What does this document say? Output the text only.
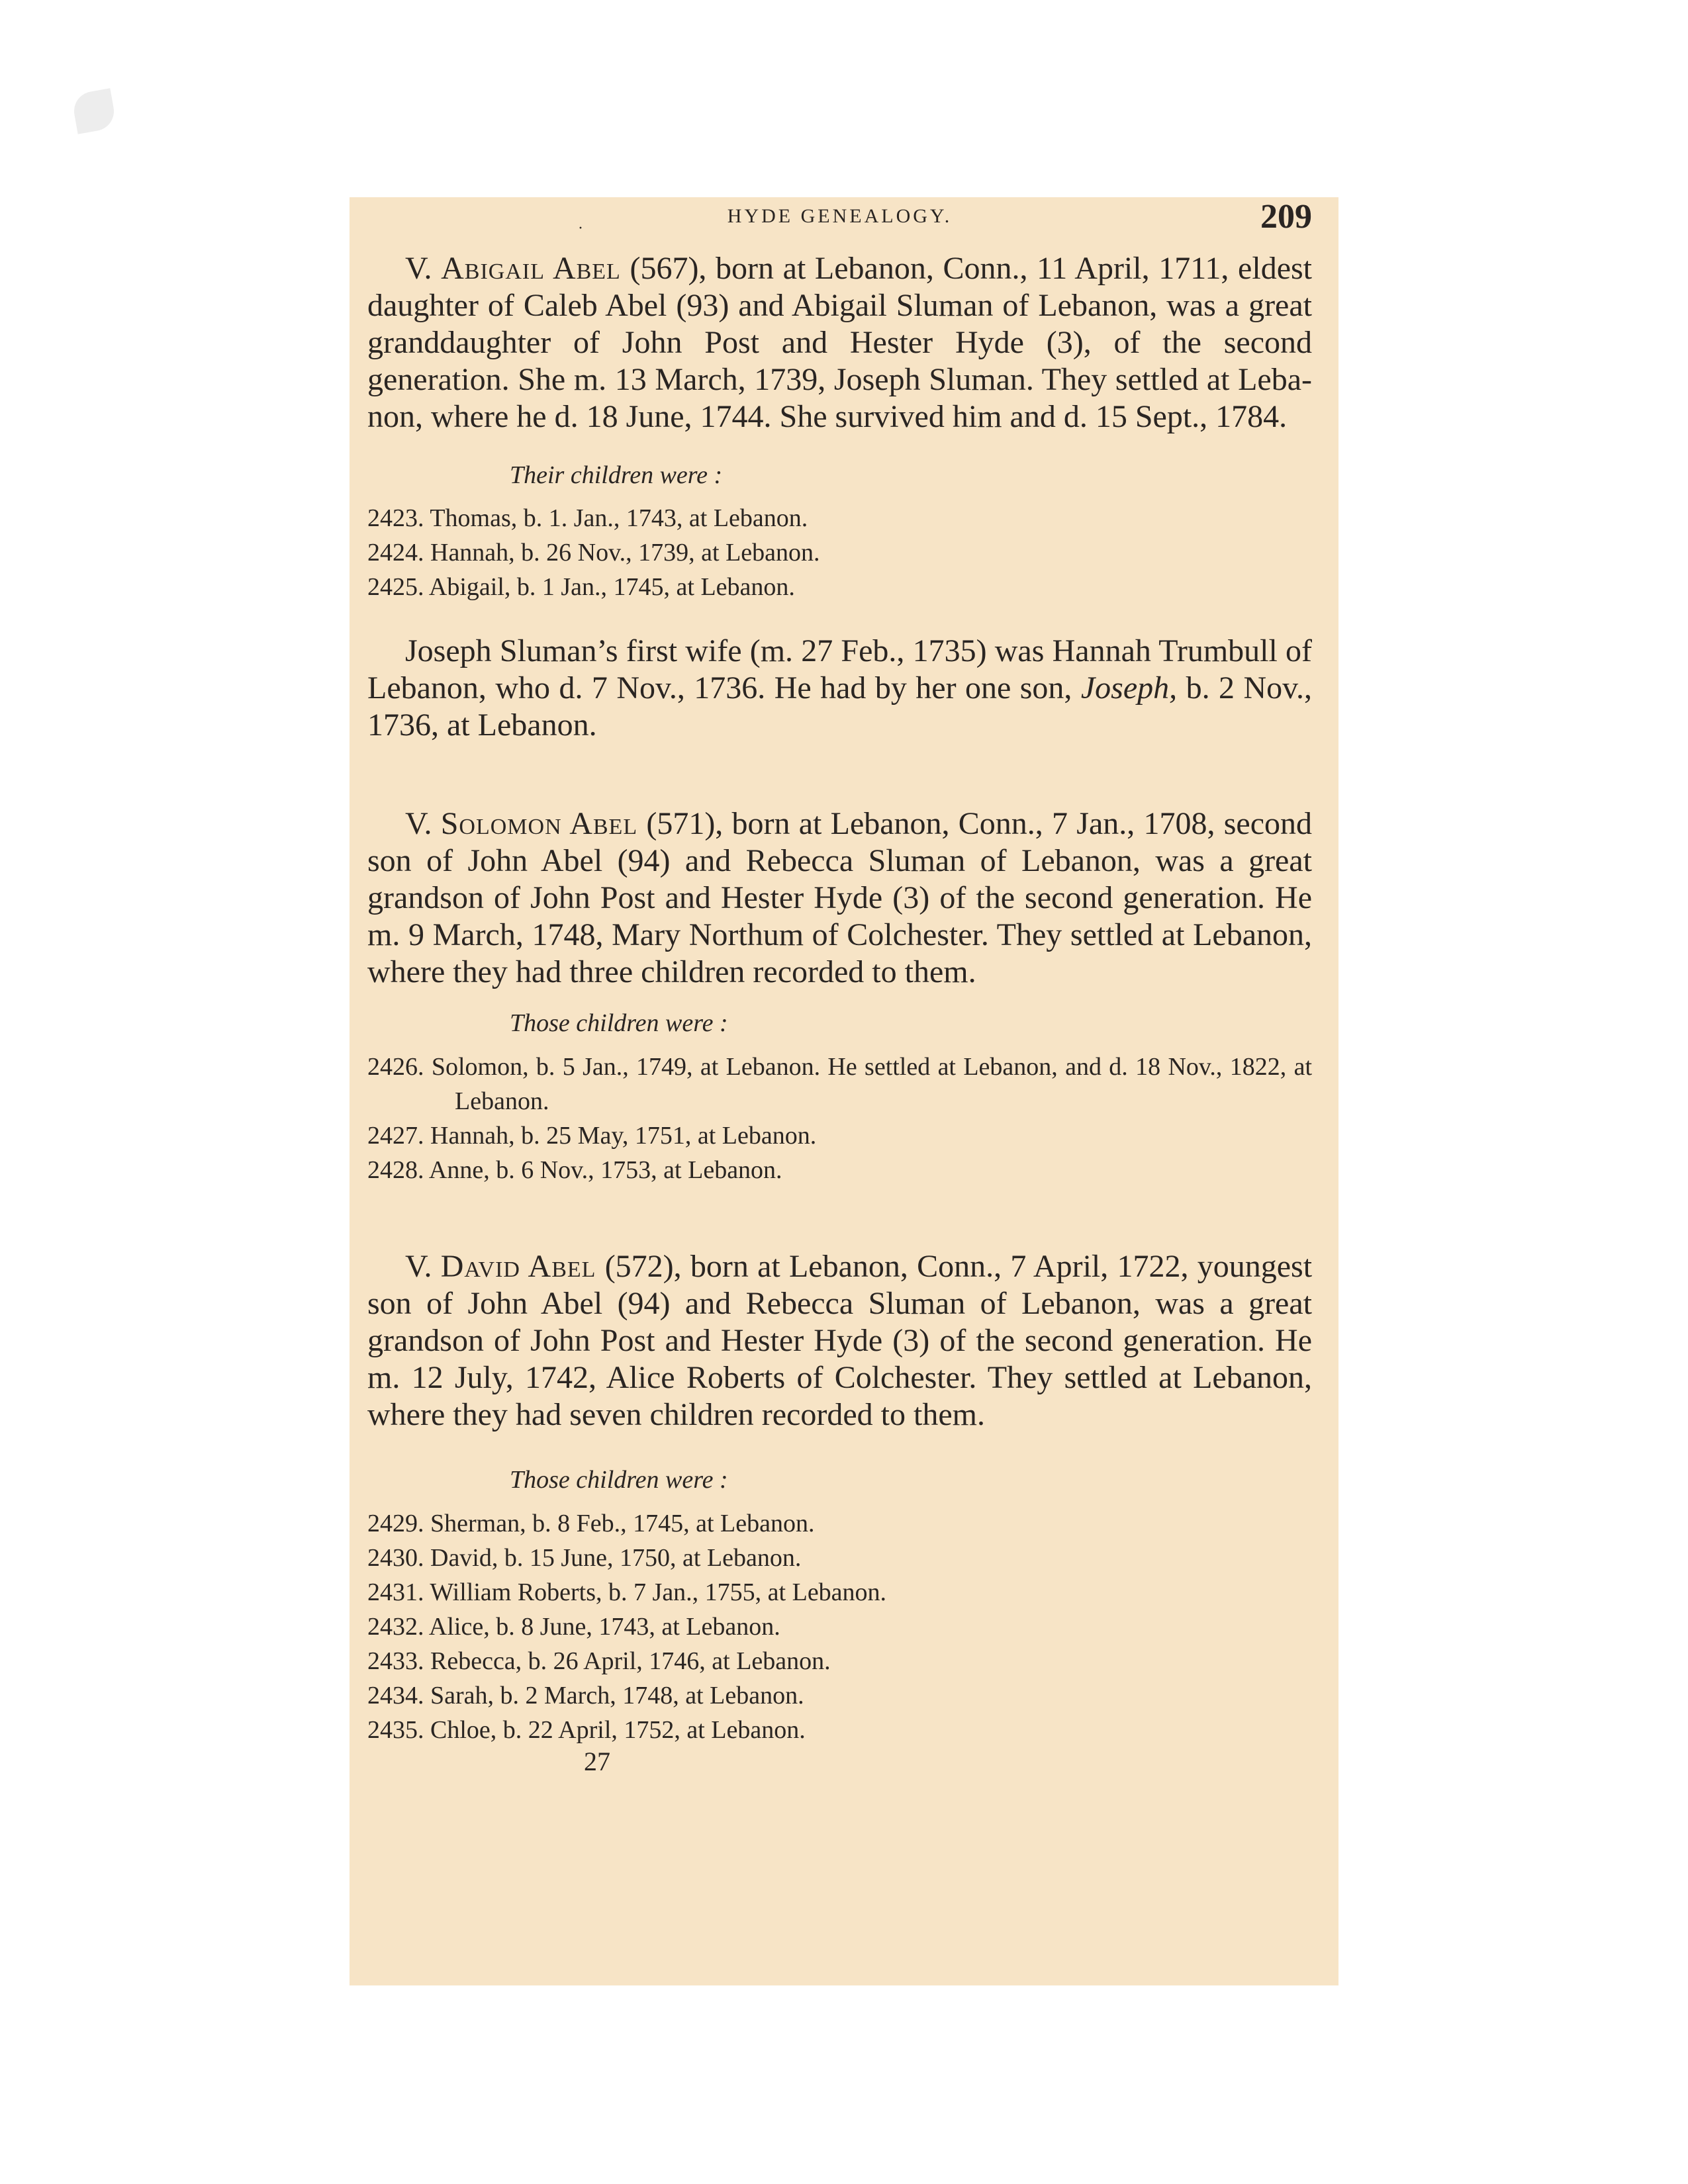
·
HYDE GENEALOGY.	209

V. Abigail Abel (567), born at Lebanon, Conn., 11 April, 1711, eldest daughter of Caleb Abel (93) and Abigail Sluman of Lebanon, was a great granddaughter of John Post and Hester Hyde (3), of the second generation. She m. 13 March, 1739, Joseph Sluman. They settled at Lebanon, where he d. 18 June, 1744. She survived him and d. 15 Sept., 1784.

Their children were :

2423. Thomas, b. 1. Jan., 1743, at Lebanon.
2424. Hannah, b. 26 Nov., 1739, at Lebanon.
2425. Abigail, b. 1 Jan., 1745, at Lebanon.

Joseph Sluman’s first wife (m. 27 Feb., 1735) was Hannah Trumbull of Lebanon, who d. 7 Nov., 1736. He had by her one son, Joseph, b. 2 Nov., 1736, at Lebanon.

V. Solomon Abel (571), born at Lebanon, Conn., 7 Jan., 1708, second son of John Abel (94) and Rebecca Sluman of Lebanon, was a great grandson of John Post and Hester Hyde (3) of the second generation. He m. 9 March, 1748, Mary Northum of Colchester. They settled at Lebanon, where they had three children recorded to them.

Those children were :

2426. Solomon, b. 5 Jan., 1749, at Lebanon. He settled at Lebanon, and d. 18 Nov., 1822, at Lebanon.
2427. Hannah, b. 25 May, 1751, at Lebanon.
2428. Anne, b. 6 Nov., 1753, at Lebanon.

V. David Abel (572), born at Lebanon, Conn., 7 April, 1722, youngest son of John Abel (94) and Rebecca Sluman of Lebanon, was a great grandson of John Post and Hester Hyde (3) of the second generation. He m. 12 July, 1742, Alice Roberts of Colchester. They settled at Lebanon, where they had seven children recorded to them.

Those children were :

2429. Sherman, b. 8 Feb., 1745, at Lebanon.
2430. David, b. 15 June, 1750, at Lebanon.
2431. William Roberts, b. 7 Jan., 1755, at Lebanon.
2432. Alice, b. 8 June, 1743, at Lebanon.
2433. Rebecca, b. 26 April, 1746, at Lebanon.
2434. Sarah, b. 2 March, 1748, at Lebanon.
2435. Chloe, b. 22 April, 1752, at Lebanon.
27
